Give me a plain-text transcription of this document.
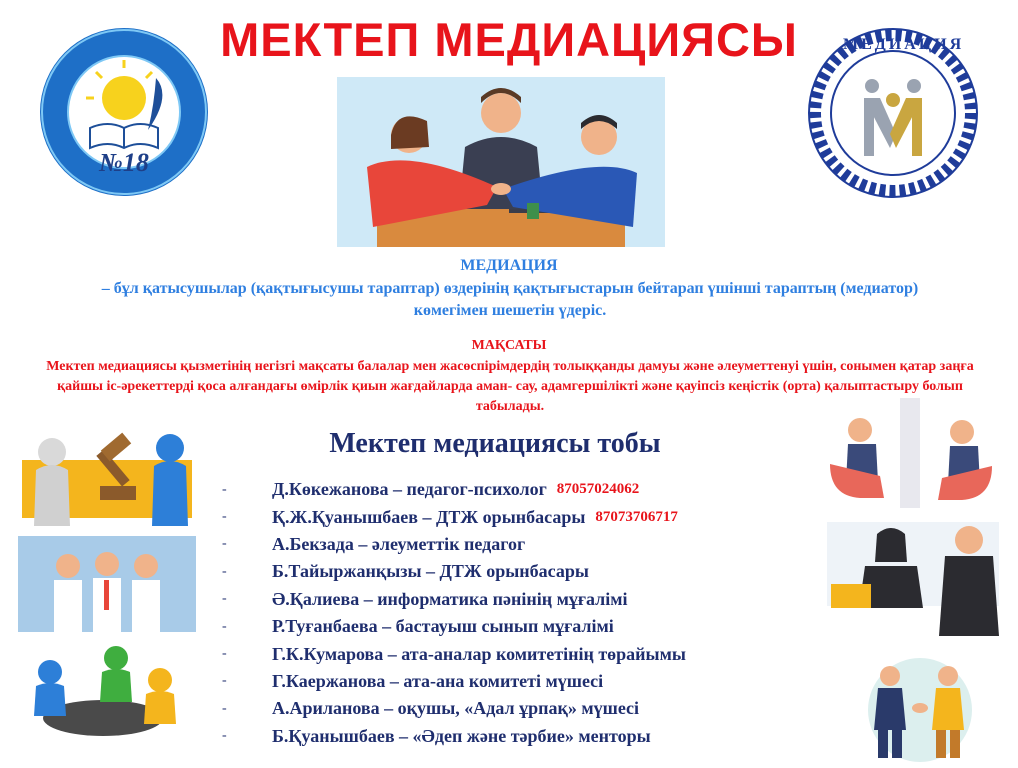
МЕКТЕП МЕДИАЦИЯСЫ
№18
МЕДИАЦИЯ
МЕДИАЦИЯ
– бұл қатысушылар (қақтығысушы тараптар) өздерінің қақтығыстарын бейтарап үшінші тараптың (медиатор) көмегімен шешетін үдеріс.
МАҚСАТЫ
Мектеп медиациясы қызметінің негізгі мақсаты балалар мен жасөспірімдердің толыққанды дамуы және әлеуметтенуі үшін, сонымен қатар заңға қайшы іс-әрекеттерді қоса алғандағы өмірлік қиын жағдайларда аман- сау, адамгершілікті және қауіпсіз кеңістік (орта) қалыптастыру болып табылады.
Мектеп медиациясы тобы
-	Д.Көкежанова – педагог-психолог 87057024062
-	Қ.Ж.Қуанышбаев – ДТЖ орынбасары 87073706717
-	А.Бекзада – әлеуметтік педагог
-	Б.Тайыржанқызы – ДТЖ орынбасары
-	Ә.Қалиева – информатика пәнінің мұғалімі
-	Р.Туғанбаева – бастауыш сынып мұғалімі
-	Г.К.Кумарова – ата-аналар комитетінің төрайымы
-	Г.Каержанова – ата-ана комитеті мүшесі
-	А.Ариланова – оқушы, «Адал ұрпақ» мүшесі
-	Б.Қуанышбаев – «Әдеп және тәрбие» менторы
